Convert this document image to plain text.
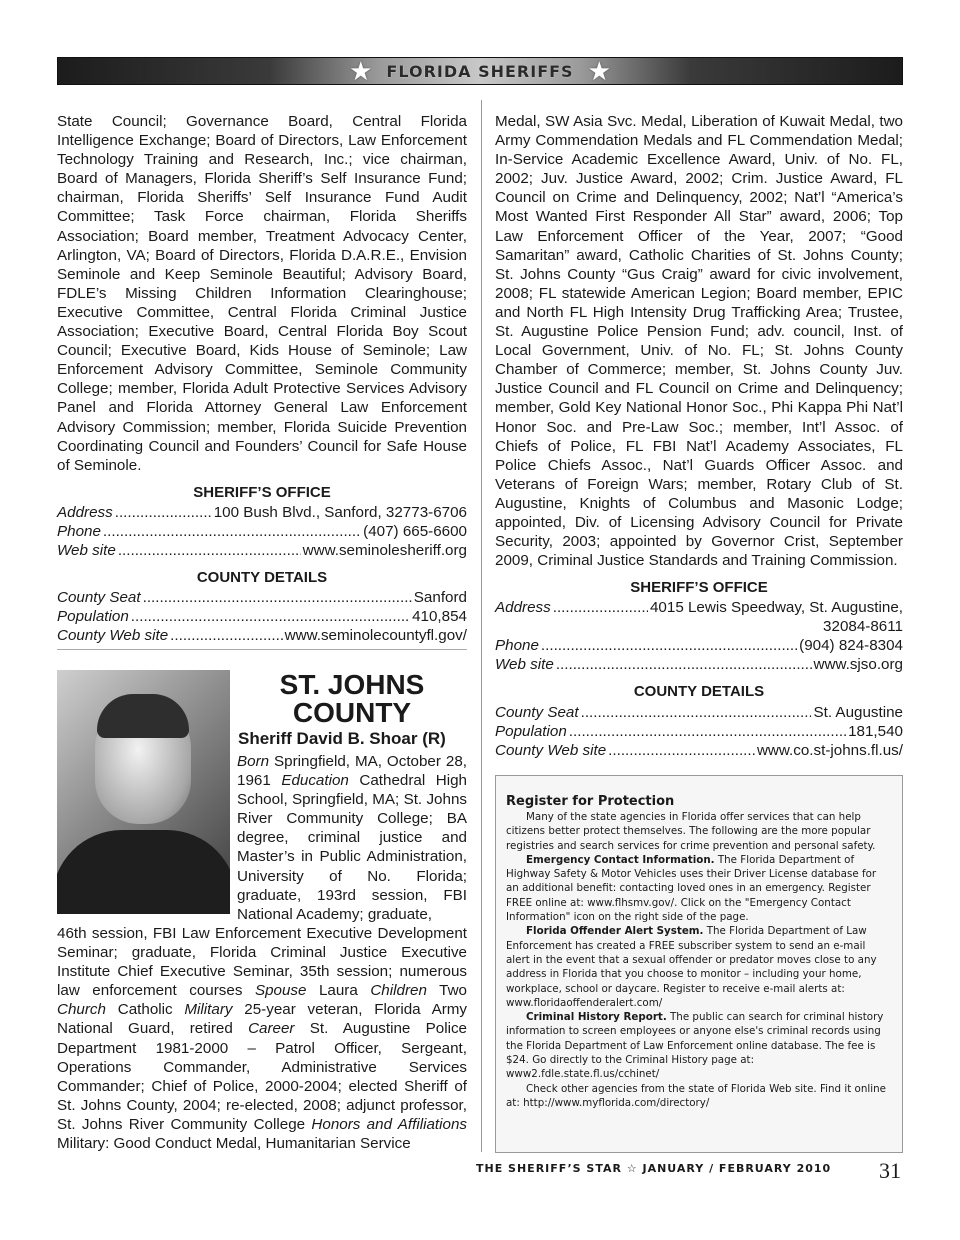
★ FLORIDA SHERIFFS ★

State Council; Governance Board, Central Florida Intelligence Exchange; Board of Directors, Law Enforcement Technology Training and Research, Inc.; vice chairman, Board of Managers, Florida Sheriff’s Self Insurance Fund; chairman, Florida Sheriffs’ Self Insurance Fund Audit Committee; Task Force chairman, Florida Sheriffs Association; Board member, Treatment Advocacy Center, Arlington, VA; Board of Directors, Florida D.A.R.E., Envision Seminole and Keep Seminole Beautiful; Advisory Board, FDLE’s Missing Children Information Clearinghouse; Executive Committee, Central Florida Criminal Justice Association; Executive Board, Central Florida Boy Scout Council; Executive Board, Kids House of Seminole; Law Enforcement Advisory Committee, Seminole Community College; member, Florida Adult Protective Services Advisory Panel and Florida Attorney General Law Enforcement Advisory Commission; member, Florida Suicide Prevention Coordinating Council and Founders’ Council for Safe House of Seminole.

SHERIFF’S OFFICE
Address .....	100 Bush Blvd., Sanford, 32773-6706
Phone .....	(407) 665-6600
Web site .....	www.seminolesheriff.org
COUNTY DETAILS
County Seat .....	Sanford
Population .....	410,854
County Web site .....	www.seminolecountyfl.gov/
ST. JOHNS COUNTY
Sheriff David B. Shoar (R)
Born Springfield, MA, October 28, 1961 Education Cathedral High School, Springfield, MA; St. Johns River Community College; BA degree, criminal justice and Master’s in Public Administration, University of No. Florida; graduate, 193rd session, FBI National Academy; graduate,
46th session, FBI Law Enforcement Executive Development Seminar; graduate, Florida Criminal Justice Executive Institute Chief Executive Seminar, 35th session; numerous law enforcement courses Spouse Laura Children Two Church Catholic Military 25-year veteran, Florida Army National Guard, retired Career St. Augustine Police Department 1981-2000 – Patrol Officer, Sergeant, Operations Commander, Administrative Services Commander; Chief of Police, 2000-2004; elected Sheriff of St. Johns County, 2004; re-elected, 2008; adjunct professor, St. Johns River Community College Honors and Affiliations Military: Good Conduct Medal, Humanitarian Service

Medal, SW Asia Svc. Medal, Liberation of Kuwait Medal, two Army Commendation Medals and FL Commendation Medal; In-Service Academic Excellence Award, Univ. of No. FL, 2002; Juv. Justice Award, 2002; Crim. Justice Award, FL Council on Crime and Delinquency, 2002; Nat’l “America’s Most Wanted First Responder All Star” award, 2006; Top Law Enforcement Officer of the Year, 2007; “Good Samaritan” award, Catholic Charities of St. Johns County; St. Johns County “Gus Craig” award for civic involvement, 2008; FL statewide American Legion; Board member, EPIC and North FL High Intensity Drug Trafficking Area; Trustee, St. Augustine Police Pension Fund; adv. council, Inst. of Local Government, Univ. of No. FL; St. Johns County Chamber of Commerce; member, St. Johns County Juv. Justice Council and FL Council on Crime and Delinquency; member, Gold Key National Honor Soc., Phi Kappa Phi Nat’l Honor Soc. and Pre-Law Soc.; member, Int’l Assoc. of Chiefs of Police, FL FBI Nat’l Academy Associates, FL Police Chiefs Assoc., Nat’l Guards Officer Assoc. and Veterans of Foreign Wars; member, Rotary Club of St. Augustine, Knights of Columbus and Masonic Lodge; appointed, Div. of Licensing Advisory Council for Private Security, 2003; appointed by Governor Crist, September 2009, Criminal Justice Standards and Training Commission.

SHERIFF’S OFFICE
Address .....	4015 Lewis Speedway, St. Augustine,
32084-8611
Phone .....	(904) 824-8304
Web site .....	www.sjso.org
COUNTY DETAILS
County Seat .....	St. Augustine
Population .....	181,540
County Web site .....	www.co.st-johns.fl.us/
Register for Protection

Many of the state agencies in Florida offer services that can help citizens better protect themselves. The following are the more popular registries and search services for crime prevention and personal safety.

Emergency Contact Information. The Florida Department of Highway Safety & Motor Vehicles uses their Driver License database for an additional benefit: contacting loved ones in an emergency. Register FREE online at: www.flhsmv.gov/. Click on the "Emergency Contact Information" icon on the right side of the page.

Florida Offender Alert System. The Florida Department of Law Enforcement has created a FREE subscriber system to send an e-mail alert in the event that a sexual offender or predator moves close to any address in Florida that you choose to monitor – including your home, workplace, school or daycare. Register to receive e-mail alerts at: www.floridaoffenderalert.com/

Criminal History Report. The public can search for criminal history information to screen employees or anyone else's criminal records using the Florida Department of Law Enforcement online database. The fee is $24. Go directly to the Criminal History page at: www2.fdle.state.fl.us/cchinet/

Check other agencies from the state of Florida Web site. Find it online at: http://www.myflorida.com/directory/

THE SHERIFF’S STAR ☆ JANUARY / FEBRUARY 2010 31
